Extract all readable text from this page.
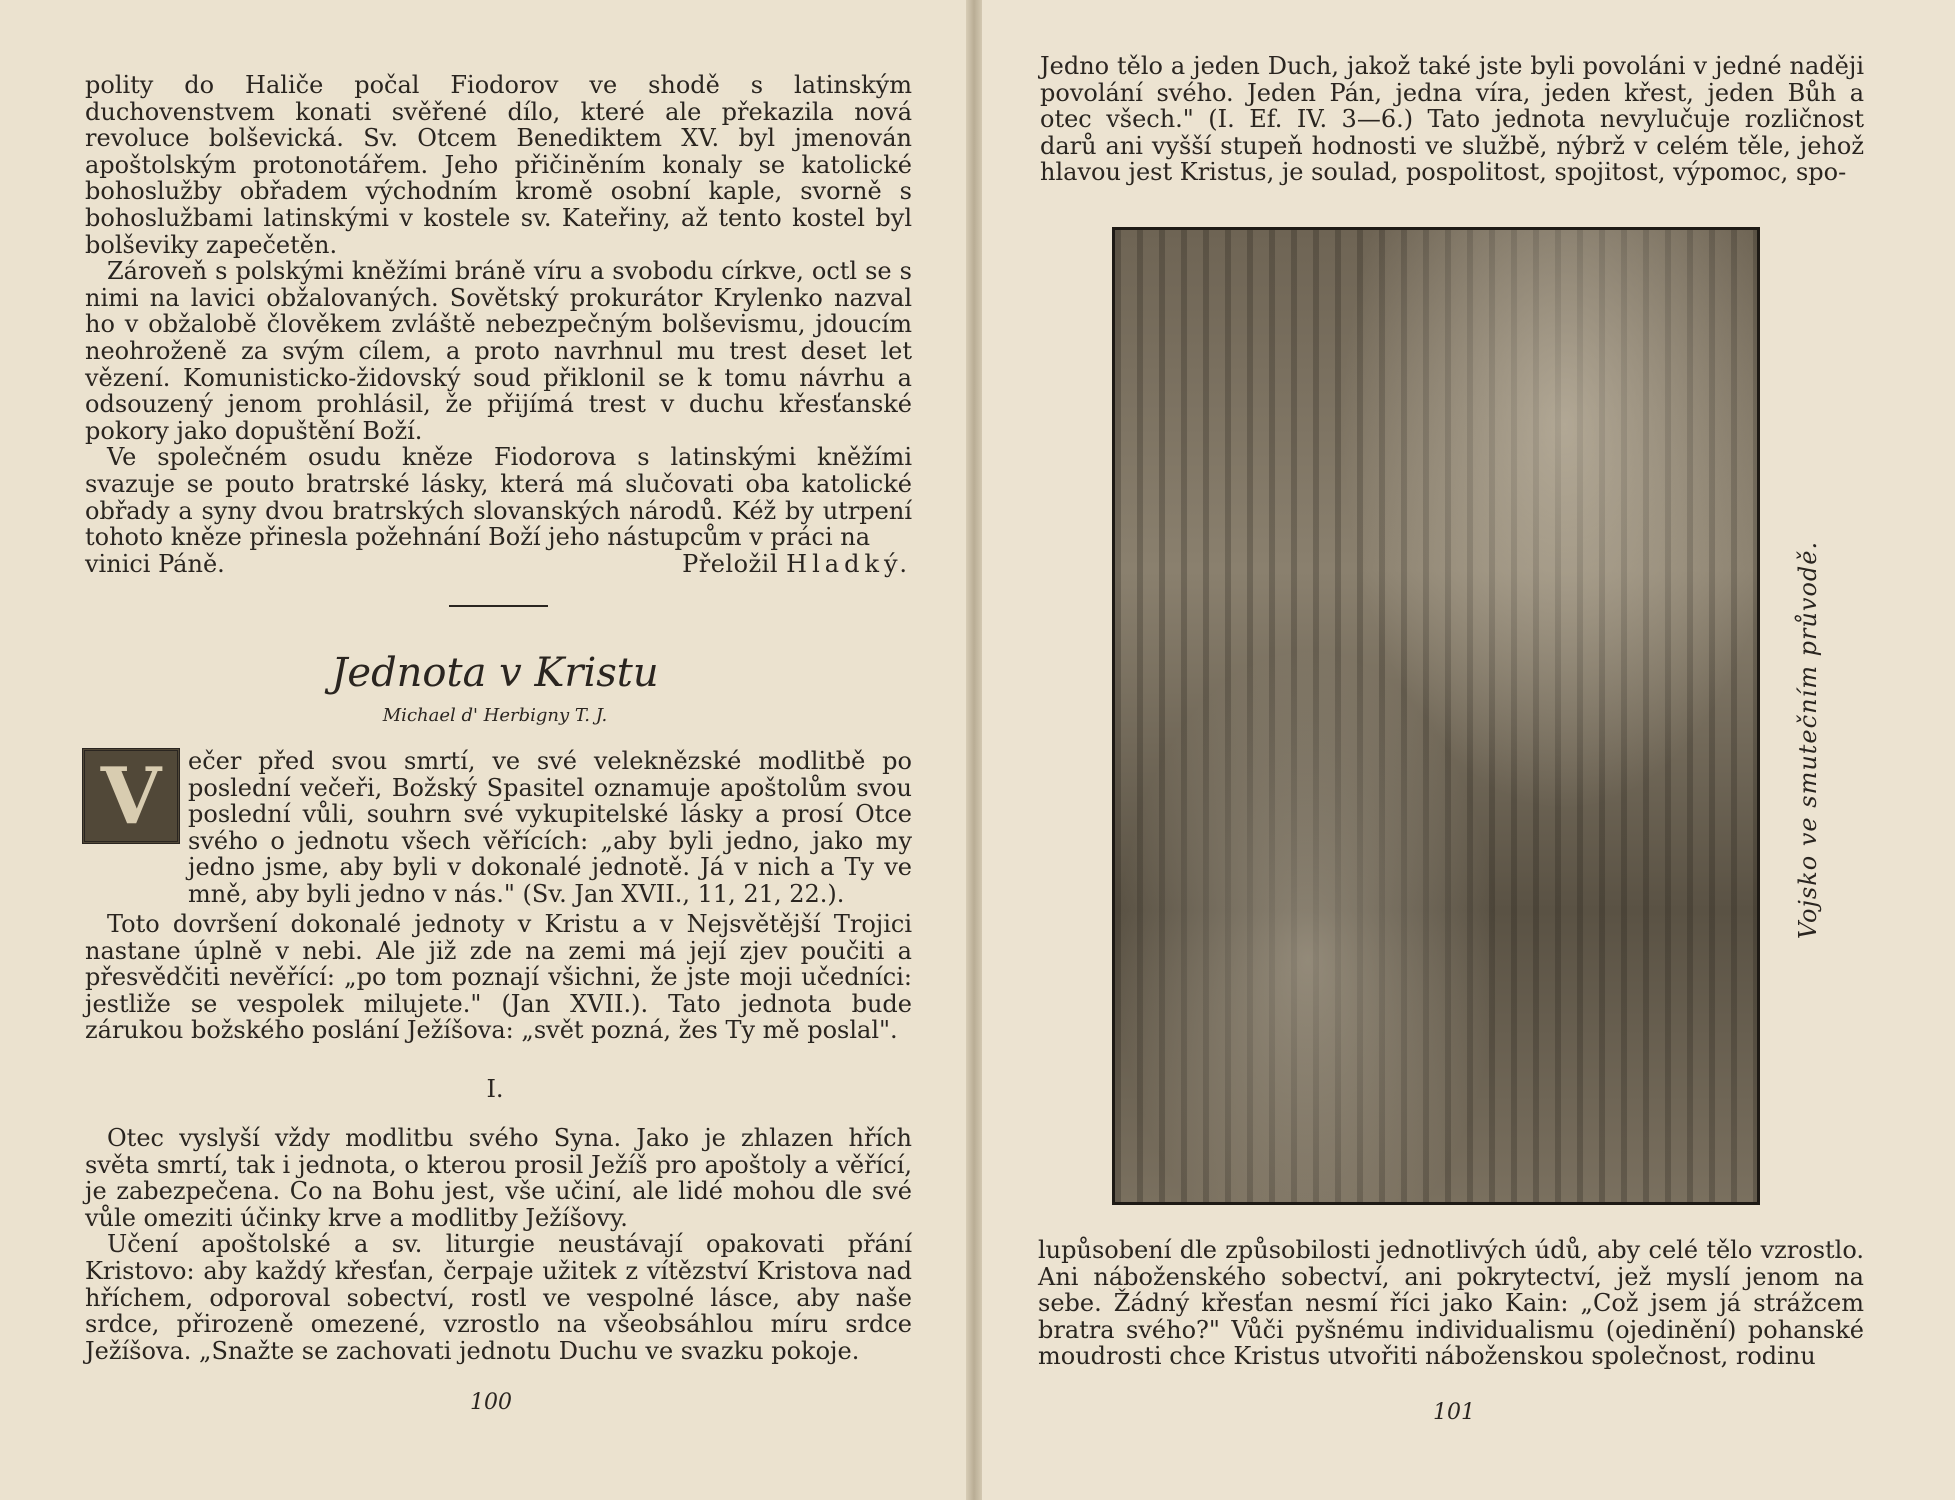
polity do Haliče počal Fiodorov ve shodě s latinským duchovenstvem konati svěřené dílo, které ale překazila nová revoluce bolševická. Sv. Otcem Benediktem XV. byl jmenován apoštolským protonotářem. Jeho přičiněním konaly se katolické bohoslužby obřadem východním kromě osobní kaple, svorně s bohoslužbami latinskými v kostele sv. Kateřiny, až tento kostel byl bolševiky zapečetěn.

Zároveň s polskými kněžími bráně víru a svobodu církve, octl se s nimi na lavici obžalovaných. Sovětský prokurátor Krylenko nazval ho v obžalobě člověkem zvláště nebezpečným bolševismu, jdoucím neohroženě za svým cílem, a proto navrhnul mu trest deset let vězení. Komunisticko-židovský soud přiklonil se k tomu návrhu a odsouzený jenom prohlásil, že přijímá trest v duchu křesťanské pokory jako dopuštění Boží.

Ve společném osudu kněze Fiodorova s latinskými kněžími svazuje se pouto bratrské lásky, která má slučovati oba katolické obřady a syny dvou bratrských slovanských národů. Kéž by utrpení tohoto kněze přinesla požehnání Boží jeho nástupcům v práci na

vinici Páně.	Přeložil Hladký.
Jednota v Kristu
Michael d' Herbigny T. J.
V ečer před svou smrtí, ve své veleknězské modlitbě po poslední večeři, Božský Spasitel oznamuje apoštolům svou poslední vůli, souhrn své vykupitelské lásky a prosí Otce svého o jednotu všech věřících: „aby byli jedno, jako my jedno jsme, aby byli v dokonalé jednotě. Já v nich a Ty ve mně, aby byli jedno v nás." (Sv. Jan XVII., 11, 21, 22.).

Toto dovršení dokonalé jednoty v Kristu a v Nejsvětější Trojici nastane úplně v nebi. Ale již zde na zemi má její zjev poučiti a přesvědčiti nevěřící: „po tom poznají všichni, že jste moji učedníci: jestliže se vespolek milujete." (Jan XVII.). Tato jednota bude zárukou božského poslání Ježíšova: „svět pozná, žes Ty mě poslal".

I.

Otec vyslyší vždy modlitbu svého Syna. Jako je zhlazen hřích světa smrtí, tak i jednota, o kterou prosil Ježíš pro apoštoly a věřící, je zabezpečena. Co na Bohu jest, vše učiní, ale lidé mohou dle své vůle omeziti účinky krve a modlitby Ježíšovy.

Učení apoštolské a sv. liturgie neustávají opakovati přání Kristovo: aby každý křesťan, čerpaje užitek z vítězství Kristova nad hříchem, odporoval sobectví, rostl ve vespolné lásce, aby naše srdce, přirozeně omezené, vzrostlo na všeobsáhlou míru srdce Ježíšova. „Snažte se zachovati jednotu Duchu ve svazku pokoje.

100

Jedno tělo a jeden Duch, jakož také jste byli povoláni v jedné naději povolání svého. Jeden Pán, jedna víra, jeden křest, jeden Bůh a otec všech." (I. Ef. IV. 3—6.) Tato jednota nevylučuje rozličnost darů ani vyšší stupeň hodnosti ve službě, nýbrž v celém těle, jehož hlavou jest Kristus, je soulad, pospolitost, spojitost, výpomoc, spo-

Vojsko ve smutečním průvodě.

lupůsobení dle způsobilosti jednotlivých údů, aby celé tělo vzrostlo. Ani náboženského sobectví, ani pokrytectví, jež myslí jenom na sebe. Žádný křesťan nesmí říci jako Kain: „Což jsem já strážcem bratra svého?" Vůči pyšnému individualismu (ojedinění) pohanské moudrosti chce Kristus utvořiti náboženskou společnost, rodinu

101
